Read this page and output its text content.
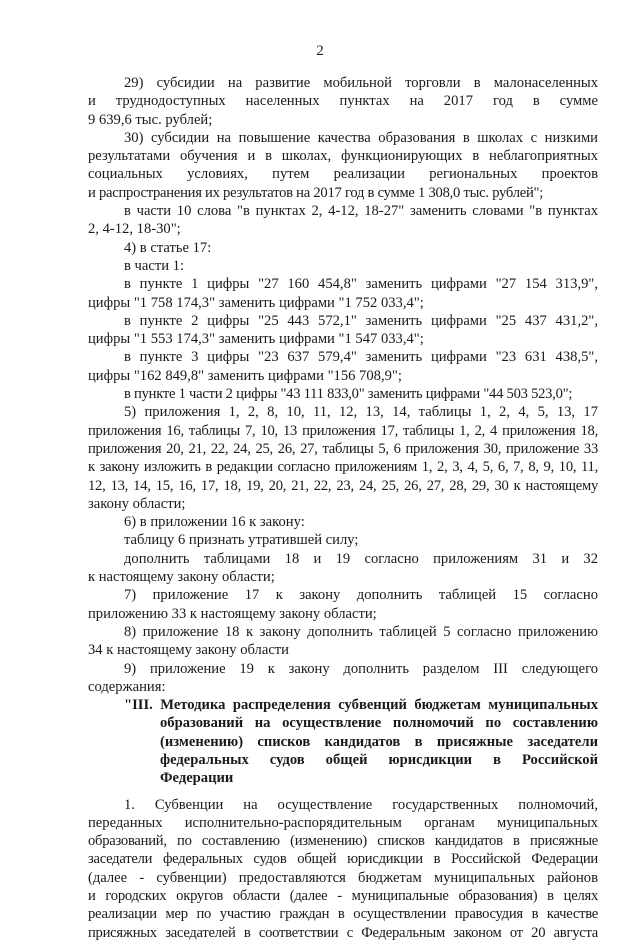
2
29) субсидии на развитие мобильной торговли в малонаселенных
и труднодоступных населенных пунктах на 2017 год в сумме
9 639,6 тыс. рублей;
30) субсидии на повышение качества образования в школах с низкими
результатами обучения и в школах, функционирующих в неблагоприятных
социальных условиях, путем реализации региональных проектов
и распространения их результатов на 2017 год в сумме 1 308,0 тыс. рублей";
в части 10 слова "в пунктах 2, 4-12, 18-27" заменить словами "в пунктах
2, 4-12, 18-30";
4) в статье 17:
в части 1:
в пункте 1 цифры "27 160 454,8" заменить цифрами "27 154 313,9",
цифры "1 758 174,3" заменить цифрами "1 752 033,4";
в пункте 2 цифры "25 443 572,1" заменить цифрами "25 437 431,2",
цифры "1 553 174,3" заменить цифрами "1 547 033,4";
в пункте 3 цифры "23 637 579,4" заменить цифрами "23 631 438,5",
цифры "162 849,8" заменить цифрами "156 708,9";
в пункте 1 части 2 цифры "43 111 833,0" заменить цифрами "44 503 523,0";
5) приложения 1, 2, 8, 10, 11, 12, 13, 14, таблицы 1, 2, 4, 5, 13, 17
приложения 16, таблицы 7, 10, 13 приложения 17, таблицы 1, 2, 4 приложения 18,
приложения 20, 21, 22, 24, 25, 26, 27, таблицы 5, 6 приложения 30, приложение 33
к закону изложить в редакции согласно приложениям 1, 2, 3, 4, 5, 6, 7, 8, 9, 10, 11,
12, 13, 14, 15, 16, 17, 18, 19, 20, 21, 22, 23, 24, 25, 26, 27, 28, 29, 30 к настоящему
закону области;
6) в приложении 16 к закону:
таблицу 6 признать утратившей силу;
дополнить таблицами 18 и 19 согласно приложениям 31 и 32
к настоящему закону области;
7) приложение 17 к закону дополнить таблицей 15 согласно
приложению 33 к настоящему закону области;
8) приложение 18 к закону дополнить таблицей 5 согласно приложению
34 к настоящему закону области
9) приложение 19 к закону дополнить разделом III следующего
содержания:
"III. Методика распределения субвенций бюджетам муниципальных
образований на осуществление полномочий по составлению
(изменению) списков кандидатов в присяжные заседатели
федеральных судов общей юрисдикции в Российской
Федерации
1. Субвенции на осуществление государственных полномочий,
переданных исполнительно-распорядительным органам муниципальных
образований, по составлению (изменению) списков кандидатов в присяжные
заседатели федеральных судов общей юрисдикции в Российской Федерации
(далее - субвенции) предоставляются бюджетам муниципальных районов
и городских округов области (далее - муниципальные образования) в целях
реализации мер по участию граждан в осуществлении правосудия в качестве
присяжных заседателей в соответствии с Федеральным законом от 20 августа
